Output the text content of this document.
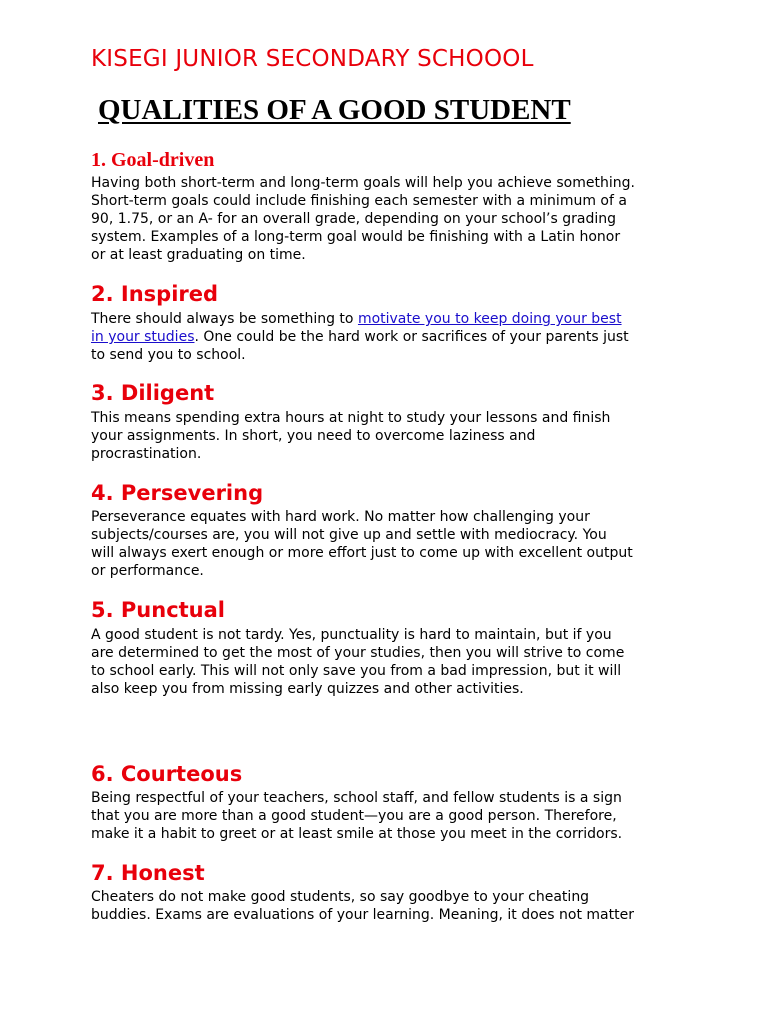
KISEGI JUNIOR SECONDARY SCHOOOL
QUALITIES OF A GOOD STUDENT
1. Goal-driven
Having both short-term and long-term goals will help you achieve something.
Short-term goals could include finishing each semester with a minimum of a
90, 1.75, or an A- for an overall grade, depending on your school’s grading
system. Examples of a long-term goal would be finishing with a Latin honor
or at least graduating on time.
2. Inspired
There should always be something to motivate you to keep doing your best
in your studies. One could be the hard work or sacrifices of your parents just
to send you to school.
3. Diligent
This means spending extra hours at night to study your lessons and finish
your assignments. In short, you need to overcome laziness and
procrastination.
4. Persevering
Perseverance equates with hard work. No matter how challenging your
subjects/courses are, you will not give up and settle with mediocracy. You
will always exert enough or more effort just to come up with excellent output
or performance.
5. Punctual
A good student is not tardy. Yes, punctuality is hard to maintain, but if you
are determined to get the most of your studies, then you will strive to come
to school early. This will not only save you from a bad impression, but it will
also keep you from missing early quizzes and other activities.
6. Courteous
Being respectful of your teachers, school staff, and fellow students is a sign
that you are more than a good student—you are a good person. Therefore,
make it a habit to greet or at least smile at those you meet in the corridors.
7. Honest
Cheaters do not make good students, so say goodbye to your cheating
buddies. Exams are evaluations of your learning. Meaning, it does not matter
